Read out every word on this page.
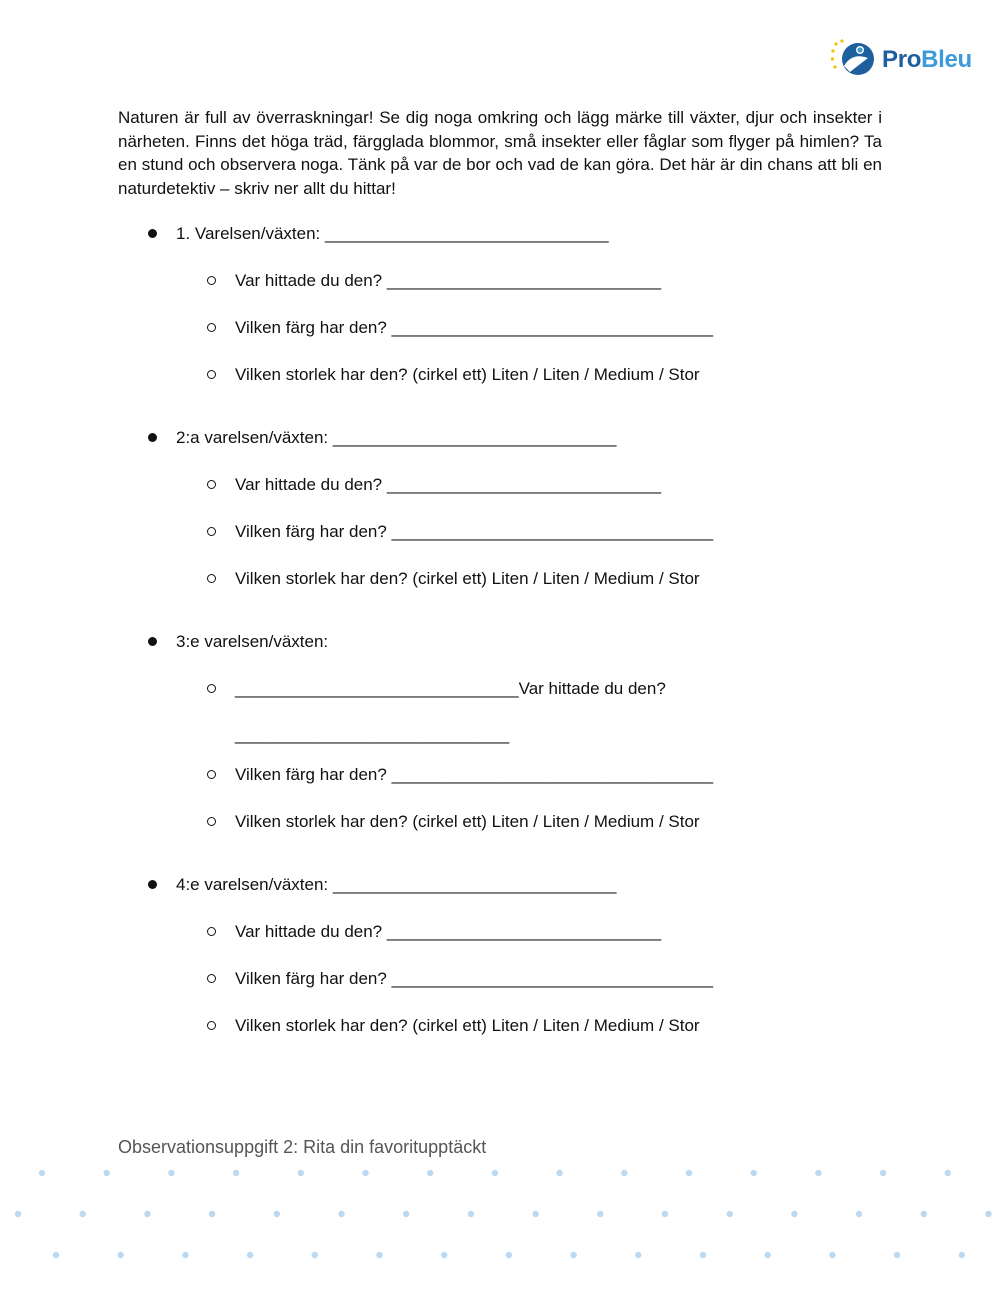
ProBleu

Naturen är full av överraskningar! Se dig noga omkring och lägg märke till växter, djur och insekter i närheten. Finns det höga träd, färgglada blommor, små insekter eller fåglar som flyger på himlen? Ta en stund och observera noga. Tänk på var de bor och vad de kan göra. Det här är din chans att bli en naturdetektiv – skriv ner allt du hittar!

1. Varelsen/växten: ______________________________
Var hittade du den? _____________________________
Vilken färg har den? __________________________________
Vilken storlek har den? (cirkel ett) Liten / Liten / Medium / Stor
2:a varelsen/växten: ______________________________
Var hittade du den? _____________________________
Vilken färg har den? __________________________________
Vilken storlek har den? (cirkel ett) Liten / Liten / Medium / Stor
3:e varelsen/växten:
______________________________Var hittade du den?
_____________________________
Vilken färg har den? __________________________________
Vilken storlek har den? (cirkel ett) Liten / Liten / Medium / Stor
4:e varelsen/växten: ______________________________
Var hittade du den? _____________________________
Vilken färg har den? __________________________________
Vilken storlek har den? (cirkel ett) Liten / Liten / Medium / Stor
Observationsuppgift 2: Rita din favoritupptäckt
